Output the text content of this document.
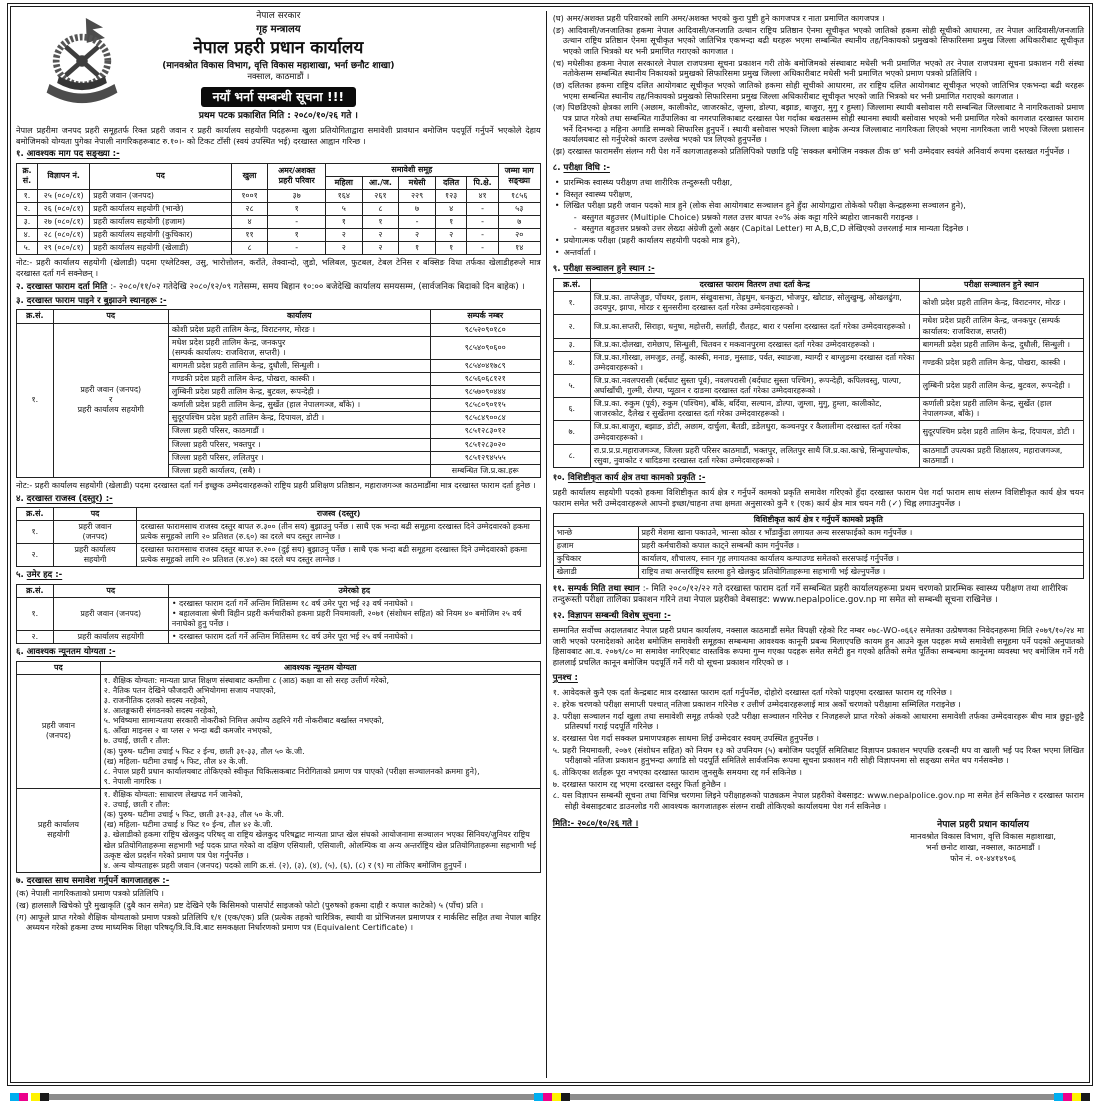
नेपाल सरकार
गृह मन्त्रालय
नेपाल प्रहरी प्रधान कार्यालय
(मानवश्रोत विकास विभाग, वृत्ति विकास महाशाखा, भर्ना छनौट शाखा)
नक्साल, काठमाडौं ।
नयाँ भर्ना सम्बन्धी सूचना !!!
प्रथम पटक प्रकाशित मिति : २०८०/१०/२६ गते ।

नेपाल प्रहरीमा जनपद प्रहरी समूहतर्फ रिक्त प्रहरी जवान र प्रहरी कार्यालय सहयोगी पदहरूमा खुला प्रतियोगिताद्वारा समावेशी प्रावधान बमोजिम पदपूर्ति गर्नुपर्ने भएकोले देहाय बमोजिमको योग्यता पुगेका नेपाली नागरिकहरूबाट रु.१०।- को टिकट टाँसी (स्वयं उपस्थित भई) दरखास्त आह्वान गरिन्छ ।

१. आवश्यक माग पद सङ्ख्या :-

क्र.
सं.	विज्ञापन नं.	पद	खुला	अमर/अशक्त
प्रहरी परिवार	समावेशी समूह					जम्मा माग
सङ्ख्या
					महिला	आ./ज.	मधेसी	दलित	पि.क्षे.	
१.	२५ (०८०/८१)	प्रहरी जवान (जनपद)	१००१	३७	१६४	२६१	२२९	१२३	४१	१८५६
२.	२६ (०८०/८१)	प्रहरी कार्यालय सहयोगी (भान्छे)	२८	१	५	८	७	४	-	५३
३.	२७ (०८०/८१)	प्रहरी कार्यालय सहयोगी (हजाम)	४	-	१	१	-	१	-	७
४.	२८ (०८०/८१)	प्रहरी कार्यालय सहयोगी (कुचिकार)	११	१	२	२	२	२	-	२०
५.	२९ (०८०/८१)	प्रहरी कार्यालय सहयोगी (खेलाडी)	८	-	२	२	१	१	-	१४

नोट:- प्रहरी कार्यालय सहयोगी (खेलाडी) पदमा एथ्लेटिक्स, उसु, भारोत्तोलन, कराँते, तेक्वान्दो, जुडो, भलिबल, फुटबल, टेबल टेनिस र बक्सिङ विधा तर्फका खेलाडीहरूले मात्र दरखास्त दर्ता गर्न सक्नेछन् ।

२. दरखास्त फाराम दर्ता मिति :- २०८०/११/०२ गतेदेखि २०८०/१२/०९ गतेसम्म, समय बिहान १०:०० बजेदेखि कार्यालय समयसम्म, (सार्वजनिक बिदाको दिन बाहेक) ।

३. दरखास्त फाराम पाइने र बुझाउने स्थानहरू :-

क्र.सं.	पद	कार्यालय	सम्पर्क नम्बर
१.	प्रहरी जवान (जनपद)
र
प्रहरी कार्यालय सहयोगी	कोशी प्रदेश प्रहरी तालिम केन्द्र, विराटनगर, मोरङ ।	९८५२०९०१८०
		मधेश प्रदेश प्रहरी तालिम केन्द्र, जनकपुर
(सम्पर्क कार्यालय: राजविराज, सप्तरी) ।	९८५४०९०६००
		बागमती प्रदेश प्रहरी तालिम केन्द्र, दुधौली, सिन्धुली ।	९८५४०४१७८९
		गण्डकी प्रदेश प्रहरी तालिम केन्द्र, पोखरा, कास्की ।	९८५६०६८१२१
		लुम्बिनी प्रदेश प्रहरी तालिम केन्द्र, बुटवल, रूपन्देही ।	९८५७०९०४४४
		कर्णाली प्रदेश प्रहरी तालिम केन्द्र, सुर्खेत (हाल नेपालगञ्ज, बाँके) ।	९८५८०९०११५
		सुदूरपश्चिम प्रदेश प्रहरी तालिम केन्द्र, दिपायल, डोटी ।	९८५८४९००८४
		जिल्ला प्रहरी परिसर, काठमाडौं ।	९८५१२८३०१२
		जिल्ला प्रहरी परिसर, भक्तपुर ।	९८५१२८३०२०
		जिल्ला प्रहरी परिसर, ललितपुर ।	९८५१२९४५५५
		जिल्ला प्रहरी कार्यालय, (सबै) ।	सम्बन्धित जि.प्र.का.हरू

नोट:- प्रहरी कार्यालय सहयोगी (खेलाडी) पदमा दरखास्त दर्ता गर्न इच्छुक उम्मेदवारहरूको राष्ट्रिय प्रहरी प्रशिक्षण प्रतिष्ठान, महाराजगञ्ज काठमाडौंमा मात्र दरखास्त फाराम दर्ता हुनेछ ।

४. दरखास्त राजस्व (दस्तुर) :-

क्र.सं.	पद	राजस्व (दस्तुर)
१.	प्रहरी जवान
(जनपद)	दरखास्त फारामसाथ राजस्व दस्तुर बापत रु.३०० (तीन सय) बुझाउनु पर्नेछ । साथै एक भन्दा बढी समूहमा दरखास्त दिने उम्मेदवारको हकमा प्रत्येक समूहको लागि २० प्रतिशत (रु.६०) का दरले थप दस्तुर लाग्नेछ ।
२.	प्रहरी कार्यालय
सहयोगी	दरखास्त फारामसाथ राजस्व दस्तुर बापत रु.२०० (दुई सय) बुझाउनु पर्नेछ । साथै एक भन्दा बढी समूहमा दरखास्त दिने उम्मेदवारको हकमा प्रत्येक समूहको लागि २० प्रतिशत (रु.४०) का दरले थप दस्तुर लाग्नेछ ।

५. उमेर हद :-

क्र.सं.	पद	उमेरको हद
१.	प्रहरी जवान (जनपद)	• दरखास्त फाराम दर्ता गर्ने अन्तिम मितिसम्म १८ वर्ष उमेर पूरा भई २३ वर्ष ननाघेको ।
• बहालवाला श्रेणी विहीन प्रहरी कर्मचारीको हकमा प्रहरी नियमावली, २०७१ (संशोधन सहित) को नियम ४० बमोजिम २५ वर्ष ननाघेको हुनु पर्नेछ ।
२.	प्रहरी कार्यालय सहयोगी	• दरखास्त फाराम दर्ता गर्ने अन्तिम मितिसम्म १८ वर्ष उमेर पूरा भई २५ वर्ष ननाघेको ।

६. आवश्यक न्यूनतम योग्यता :-

पद	आवश्यक न्यूनतम योग्यता
प्रहरी जवान
(जनपद)	१. शैक्षिक योग्यता: मान्यता प्राप्त शिक्षण संस्थाबाट कम्तीमा ८ (आठ) कक्षा वा सो सरह उत्तीर्ण गरेको,
२. नैतिक पतन देखिने फौजदारी अभियोगमा सजाय नपाएको,
३. राजनीतिक दलको सदस्य नरहेको,
४. आतङ्ककारी संगठनको सदस्य नरहेको,
५. भविष्यमा सामान्यतया सरकारी नोकरीको निमित्त अयोग्य ठहरिने गरी नोकरीबाट बर्खास्त नभएको,
६. आँखा माइनस २ वा प्लस २ भन्दा बढी कमजोर नभएको,
७. उचाई, छाती र तौल:
(क) पुरुष- घटीमा उचाई ५ फिट २ ईन्च, छाती ३१-३३, तौल ५० के.जी.
(ख) महिला- घटीमा उचाई ५ फिट, तौल ४२ के.जी.
८. नेपाल प्रहरी प्रधान कार्यालयबाट तोकिएको स्वीकृत चिकित्सकबाट निरोगिताको प्रमाण पत्र पाएको (परीक्षा सञ्चालनको क्रममा हुने),
९. नेपाली नागरिक ।
प्रहरी कार्यालय
सहयोगी	१. शैक्षिक योग्यता: साधारण लेखपढ गर्न जानेको,
२. उचाई, छाती र तौल:
(क) पुरुष- घटीमा उचाई ५ फिट, छाती ३१-३३, तौल ५० के.जी.
(ख) महिला- घटीमा उचाई ४ फिट १० ईन्च, तौल ४२ के.जी.
३. खेलाडीको हकमा राष्ट्रिय खेलकुद परिषद् वा राष्ट्रिय खेलकुद परिषद्बाट मान्यता प्राप्त खेल संघको आयोजनामा सञ्चालन भएका सिनियर/जुनियर राष्ट्रिय खेल प्रतियोगिताहरूमा सहभागी भई पदक प्राप्त गरेको वा दक्षिण एसियाली, एसियाली, ओलम्पिक वा अन्य अन्तर्राष्ट्रिय खेल प्रतियोगिताहरूमा सहभागी भई उत्कृष्ट खेल प्रदर्शन गरेको प्रमाण पत्र पेश गर्नुपर्नेछ ।
४. अन्य योग्यताहरू प्रहरी जवान (जनपद) पदको लागि क्र.सं. (२), (३), (४), (५), (६), (८) र (९) मा तोकिए बमोजिम हुनुपर्ने ।

७. दरखास्त साथ समावेश गर्नुपर्ने कागजातहरू :-

(क) नेपाली नागरिकताको प्रमाण पत्रको प्रतिलिपि ।
(ख) हालसालै खिचेको पुरै मुखाकृति (दुबै कान समेत) प्रष्ट देखिने एकै किसिमको पासपोर्ट साइजको फोटो (पुरुषको हकमा दाही र कपाल काटेको) ५ (पाँच) प्रति ।
(ग) आफूले प्राप्त गरेको शैक्षिक योग्यताको प्रमाण पत्रको प्रतिलिपि १/१ (एक/एक) प्रति (प्रत्येक तहको चारित्रिक, स्थायी वा प्रोभिजनल प्रमाणपत्र र मार्कसिट सहित तथा नेपाल बाहिर अध्ययन गरेको हकमा उच्च माध्यमिक शिक्षा परिषद्/त्रि.वि.वि.बाट समकक्षता निर्धारणको प्रमाण पत्र (Equivalent Certificate) ।
(घ) अमर/अशक्त प्रहरी परिवारको लागि अमर/अशक्त भएको कुरा पुष्टी हुने कागजपत्र र नाता प्रमाणित कागजपत्र ।
(ङ) आदिवासी/जनजातिका हकमा नेपाल आदिवासी/जनजाति उत्थान राष्ट्रिय प्रतिष्ठान ऐनमा सूचीकृत भएको जातिको हकमा सोही सूचीको आधारमा, तर नेपाल आदिवासी/जनजाति उत्थान राष्ट्रिय प्रतिष्ठान ऐनमा सूचीकृत भएको जातिभित्र एकभन्दा बढी थरहरू भएमा सम्बन्धित स्थानीय तह/निकायको प्रमुखको सिफारिसमा प्रमुख जिल्ला अधिकारीबाट सूचीकृत भएको जाति भित्रको थर भनी प्रमाणित गराएको कागजात ।
(च) मधेसीका हकमा नेपाल सरकारले नेपाल राजपत्रमा सूचना प्रकाशन गरी तोके बमोजिमको संस्थाबाट मधेसी भनी प्रमाणित भएको तर नेपाल राजपत्रमा सूचना प्रकाशन गरी संस्था नतोकेसम्म सम्बन्धित स्थानीय निकायको प्रमुखको सिफारिसमा प्रमुख जिल्ला अधिकारीबाट मधेसी भनी प्रमाणित भएको प्रमाण पत्रको प्रतिलिपि ।
(छ) दलितका हकमा राष्ट्रिय दलित आयोगबाट सूचीकृत भएको जातिको हकमा सोही सूचीको आधारमा, तर राष्ट्रिय दलित आयोगबाट सूचीकृत भएको जातिभित्र एकभन्दा बढी थरहरू भएमा सम्बन्धित स्थानीय तह/निकायको प्रमुखको सिफारिसमा प्रमुख जिल्ला अधिकारीबाट सूचीकृत भएको जाति भित्रको थर भनी प्रमाणित गराएको कागजात ।
(ज) पिछडिएको क्षेत्रका लागि (अछाम, कालीकोट, जाजरकोट, जुम्ला, डोल्पा, बझाङ, बाजुरा, मुगु र हुम्ला) जिल्लामा स्थायी बसोवास गरी सम्बन्धित जिल्लाबाट नै नागरिकताको प्रमाण पत्र प्राप्त गरेको तथा सम्बन्धित गाउँपालिका वा नगरपालिकाबाट दरखास्त पेश गर्दाका बखतसम्म सोही स्थानमा स्थायी बसोवास भएको भनी प्रमाणित गरेको कागजात दरखास्त फाराम भर्ने दिनभन्दा ३ महिना अगाडि सम्मको सिफारिस हुनुपर्ने । स्थायी बसोवास भएको जिल्ला बाहेक अन्यत्र जिल्लाबाट नागरिकता लिएको भएमा नागरिकता जारी भएको जिल्ला प्रशासन कार्यालयबाट सो गर्नुपरेको कारण उल्लेख भएको पत्र लिएको हुनुपर्नेछ ।
(झ) दरखास्त फारामसँग संलग्न गरी पेश गर्ने कागजातहरूको प्रतिलिपिको पछाडि पट्टि 'सक्कल बमोजिम नक्कल ठीक छ' भनी उम्मेदवार स्वयंले अनिवार्य रूपमा दस्तखत गर्नुपर्नेछ ।

८. परीक्षा विधि :-

• प्रारम्भिक स्वास्थ्य परीक्षण तथा शारीरिक तन्दुरूस्ती परीक्षा,
• विस्तृत स्वास्थ्य परीक्षण,
• लिखित परीक्षा प्रहरी जवान पदको मात्र हुने (लोक सेवा आयोगबाट सञ्चालन हुने हुँदा आयोगद्वारा तोकेको परीक्षा केन्द्रहरूमा सञ्चालन हुने),
- बस्तुगत बहुउत्तर (Multiple Choice) प्रश्नको गलत उत्तर बापत २०% अंक कट्टा गरिने ब्यहोरा जानकारी गराइन्छ ।
- बस्तुगत बहुउत्तर प्रश्नको उत्तर लेख्दा अंग्रेजी ठूलो अक्षर (Capital Letter) मा A,B,C,D लेखिएको उत्तरलाई मात्र मान्यता दिइनेछ ।
• प्रयोगात्मक परीक्षा (प्रहरी कार्यालय सहयोगी पदको मात्र हुने),
• अन्तर्वार्ता ।

९. परीक्षा सञ्चालन हुने स्थान :-

क्र.सं.	दरखास्त फाराम वितरण तथा दर्ता केन्द्र	परीक्षा सञ्चालन हुने स्थान
१.	जि.प्र.का. ताप्लेजुङ, पाँचथर, इलाम, संखुवासभा, तेह्रथुम, धनकुटा, भोजपुर, खोटाङ, सोलुखुम्बु, ओखलढुंगा, उदयपुर, झापा, मोरङ र सुनसरीमा दरखास्त दर्ता गरेका उम्मेदवारहरूको ।	कोशी प्रदेश प्रहरी तालिम केन्द्र, विराटनगर, मोरङ ।
२.	जि.प्र.का.सप्तरी, सिराहा, धनुषा, महोत्तरी, सर्लाही, रौतहट, बारा र पर्सामा दरखास्त दर्ता गरेका उम्मेदवारहरूको ।	मधेश प्रदेश प्रहरी तालिम केन्द्र, जनकपुर (सम्पर्क कार्यालय: राजविराज, सप्तरी)
३.	जि.प्र.का.दोलखा, रामेछाप, सिन्धुली, चितवन र मकवानपुरमा दरखास्त दर्ता गरेका उम्मेदवारहरूको ।	बागमती प्रदेश प्रहरी तालिम केन्द्र, दुधौली, सिन्धुली ।
४.	जि.प्र.का.गोरखा, लमजुङ, तनहुँ, कास्की, मनाङ, मुस्ताङ, पर्वत, स्याङजा, म्याग्दी र बाग्लुङमा दरखास्त दर्ता गरेका उम्मेदवारहरूको ।	गण्डकी प्रदेश प्रहरी तालिम केन्द्र, पोखरा, कास्की ।
५.	जि.प्र.का.नवलपरासी (बर्दघाट सुस्ता पूर्व), नवलपरासी (बर्दघाट सुस्ता पश्चिम), रूपन्देही, कपिलवस्तु, पाल्पा, अर्घाखाँची, गुल्मी, रोल्पा, प्यूठान र दाङमा दरखास्त दर्ता गरेका उम्मेदवारहरूको ।	लुम्बिनी प्रदेश प्रहरी तालिम केन्द्र, बुटवल, रूपन्देही ।
६.	जि.प्र.का. रुकुम (पूर्व), रुकुम (पश्चिम), बाँके, बर्दिया, सल्यान, डोल्पा, जुम्ला, मुगु, हुम्ला, कालीकोट, जाजरकोट, दैलेख र सुर्खेतमा दरखास्त दर्ता गरेका उम्मेदवारहरूको ।	कर्णाली प्रदेश प्रहरी तालिम केन्द्र, सुर्खेत (हाल नेपालगञ्ज, बाँके) ।
७.	जि.प्र.का.बाजुरा, बझाङ, डोटी, अछाम, दार्चुला, बैतडी, डडेलधुरा, कञ्चनपुर र कैलालीमा दरखास्त दर्ता गरेका उम्मेदवारहरूको ।	सुदूरपश्चिम प्रदेश प्रहरी तालिम केन्द्र, दिपायल, डोटी ।
८.	रा.प्र.प्र.प्र.महाराजगञ्ज, जिल्ला प्रहरी परिसर काठमाडौं, भक्तपुर, ललितपुर साथै जि.प्र.का.काभ्रे, सिन्धुपाल्चोक, रसुवा, नुवाकोट र धादिङमा दरखास्त दर्ता गरेका उम्मेदवारहरूको ।	काठमाडौं उपत्यका प्रहरी शिक्षालय, महाराजगञ्ज, काठमाडौं ।

१०. विशिष्टीकृत कार्य क्षेत्र तथा कामको प्रकृति :-

प्रहरी कार्यालय सहयोगी पदको हकमा विशिष्टीकृत कार्य क्षेत्र र गर्नुपर्ने कामको प्रकृति समावेश गरिएको हुँदा दरखास्त फाराम पेश गर्दा फाराम साथ संलग्न विशिष्टीकृत कार्य क्षेत्र चयन फाराम समेत भरी उम्मेदवारहरूले आफ्नो इच्छा/चाहना तथा क्षमता अनुसारको कुनै १ (एक) कार्य क्षेत्र मात्र चयन गरी (✓) चिह्न लगाउनुपर्नेछ ।

विशिष्टीकृत कार्य क्षेत्र र गर्नुपर्ने कामको प्रकृति	
भान्छे	प्रहरी मेशमा खाना पकाउने, भान्सा कोठा र भाँडाकुँडा लगायत अन्य सरसफाईको काम गर्नुपर्नेछ ।
हजाम	प्रहरी कर्मचारीको कपाल काट्ने सम्बन्धी काम गर्नुपर्नेछ ।
कुचिकार	कार्यालय, शौचालय, स्नान गृह लगायतका कार्यालय कम्पाउण्ड समेतको सरसफाई गर्नुपर्नेछ ।
खेलाडी	राष्ट्रिय तथा अन्तर्राष्ट्रिय स्तरमा हुने खेलकुद प्रतियोगिताहरूमा सहभागी भई खेल्नुपर्नेछ ।

११. सम्पर्क मिति तथा स्थान :- मिति २०८०/१२/२२ गते दरखास्त फाराम दर्ता गर्ने सम्बन्धित प्रहरी कार्यालयहरूमा प्रथम चरणको प्रारम्भिक स्वास्थ्य परीक्षण तथा शारीरिक तन्दुरूस्ती परीक्षा तालिका प्रकाशन गरिने तथा नेपाल प्रहरीको वेबसाइट: www.nepalpolice.gov.np मा समेत सो सम्बन्धी सूचना राखिनेछ ।

१२. विज्ञापन सम्बन्धी विशेष सूचना :-

सम्मानित सर्वोच्च अदालतबाट नेपाल प्रहरी प्रधान कार्यालय, नक्साल काठमाडौं समेत विपक्षी रहेको रिट नम्बर ०७८-WO-०६६२ समेतका उत्प्रेषणका निवेदनहरूमा मिति २०७९/१०/२४ मा जारी भएको परमादेशको आदेश बमोजिम समावेशी समूहका सम्बन्धमा आवश्यक कानूनी प्रबन्ध मिलाएपछि कायम हुन आउने कूल पदहरू मध्ये समावेशी समूहमा पर्ने पदको अनुपातको हिसावबाट आ.व. २०७९/८० मा समावेश नगरिएबाट वास्तविक रूपमा गुम्न गएका पदहरू समेत समेटी हुन गएको क्षतिको समेत पूर्तिका सम्बन्धमा कानूनमा व्यवस्था भए बमोजिम गर्ने गरी हाललाई प्रचलित कानून बमोजिम पदपूर्ति गर्ने गरी यो सूचना प्रकाशन गरिएको छ ।

पुनश्च :

१. आवेदकले कुनै एक दर्ता केन्द्रबाट मात्र दरखास्त फाराम दर्ता गर्नुपर्नेछ, दोहोरो दरखास्त दर्ता गरेको पाइएमा दरखास्त फाराम रद्द गरिनेछ ।
२. हरेक चरणको परीक्षा समाप्ती पश्चात् नतिजा प्रकाशन गरिनेछ र उत्तीर्ण उम्मेदवारहरूलाई मात्र अर्को चरणको परीक्षामा सम्मिलित गराइनेछ ।
३. परीक्षा सञ्चालन गर्दा खुला तथा समावेशी समूह तर्फको एउटै परीक्षा सञ्चालन गरिनेछ र निजहरूले प्राप्त गरेको अंकको आधारमा समावेशी तर्फका उम्मेदवारहरू बीच मात्र छुट्टा-छुट्टै प्रतिस्पर्धा गराई पदपूर्ति गरिनेछ ।
४. दरखास्त पेश गर्दा सक्कल प्रमाणपत्रहरू साथमा लिई उम्मेदवार स्वयम् उपस्थित हुनुपर्नेछ ।
५. प्रहरी नियमावली, २०७१ (संशोधन सहित) को नियम १३ को उपनियम (५) बमोजिम पदपूर्ति समितिबाट विज्ञापन प्रकाशन भएपछि दरबन्दी थप वा खाली भई पद रिक्त भएमा लिखित परीक्षाको नतिजा प्रकाशन हुनुभन्दा अगाडि सो पदपूर्ति समितिले सार्वजनिक रूपमा सूचना प्रकाशन गरी सोही विज्ञापनमा सो सङ्ख्या समेत थप गर्नसक्नेछ ।
६. तोकिएका शर्तहरू पूरा नभएका दरखास्त फाराम जुनसुकै समयमा रद्द गर्न सकिनेछ ।
७. दरखास्त फाराम रद्द भएमा दरखास्त दस्तुर फिर्ता हुनेछैन ।
८. यस विज्ञापन सम्बन्धी सूचना तथा विभिन्न चरणमा लिइने परीक्षाहरूको पाठ्यक्रम नेपाल प्रहरीको वेबसाइट: www.nepalpolice.gov.np मा समेत हेर्न सकिनेछ र दरखास्त फाराम सोही वेबसाइटबाट डाउनलोड गरी आवश्यक कागजातहरू संलग्न राखी तोकिएको कार्यालयमा पेश गर्न सकिनेछ ।
मिति:- २०८०/१०/२६ गते ।	नेपाल प्रहरी प्रधान कार्यालय
मानवश्रोत विकास विभाग, वृत्ति विकास महाशाखा,
भर्ना छनोट शाखा, नक्साल, काठमाडौं ।
फोन नं. ०१-४४१४९०६
